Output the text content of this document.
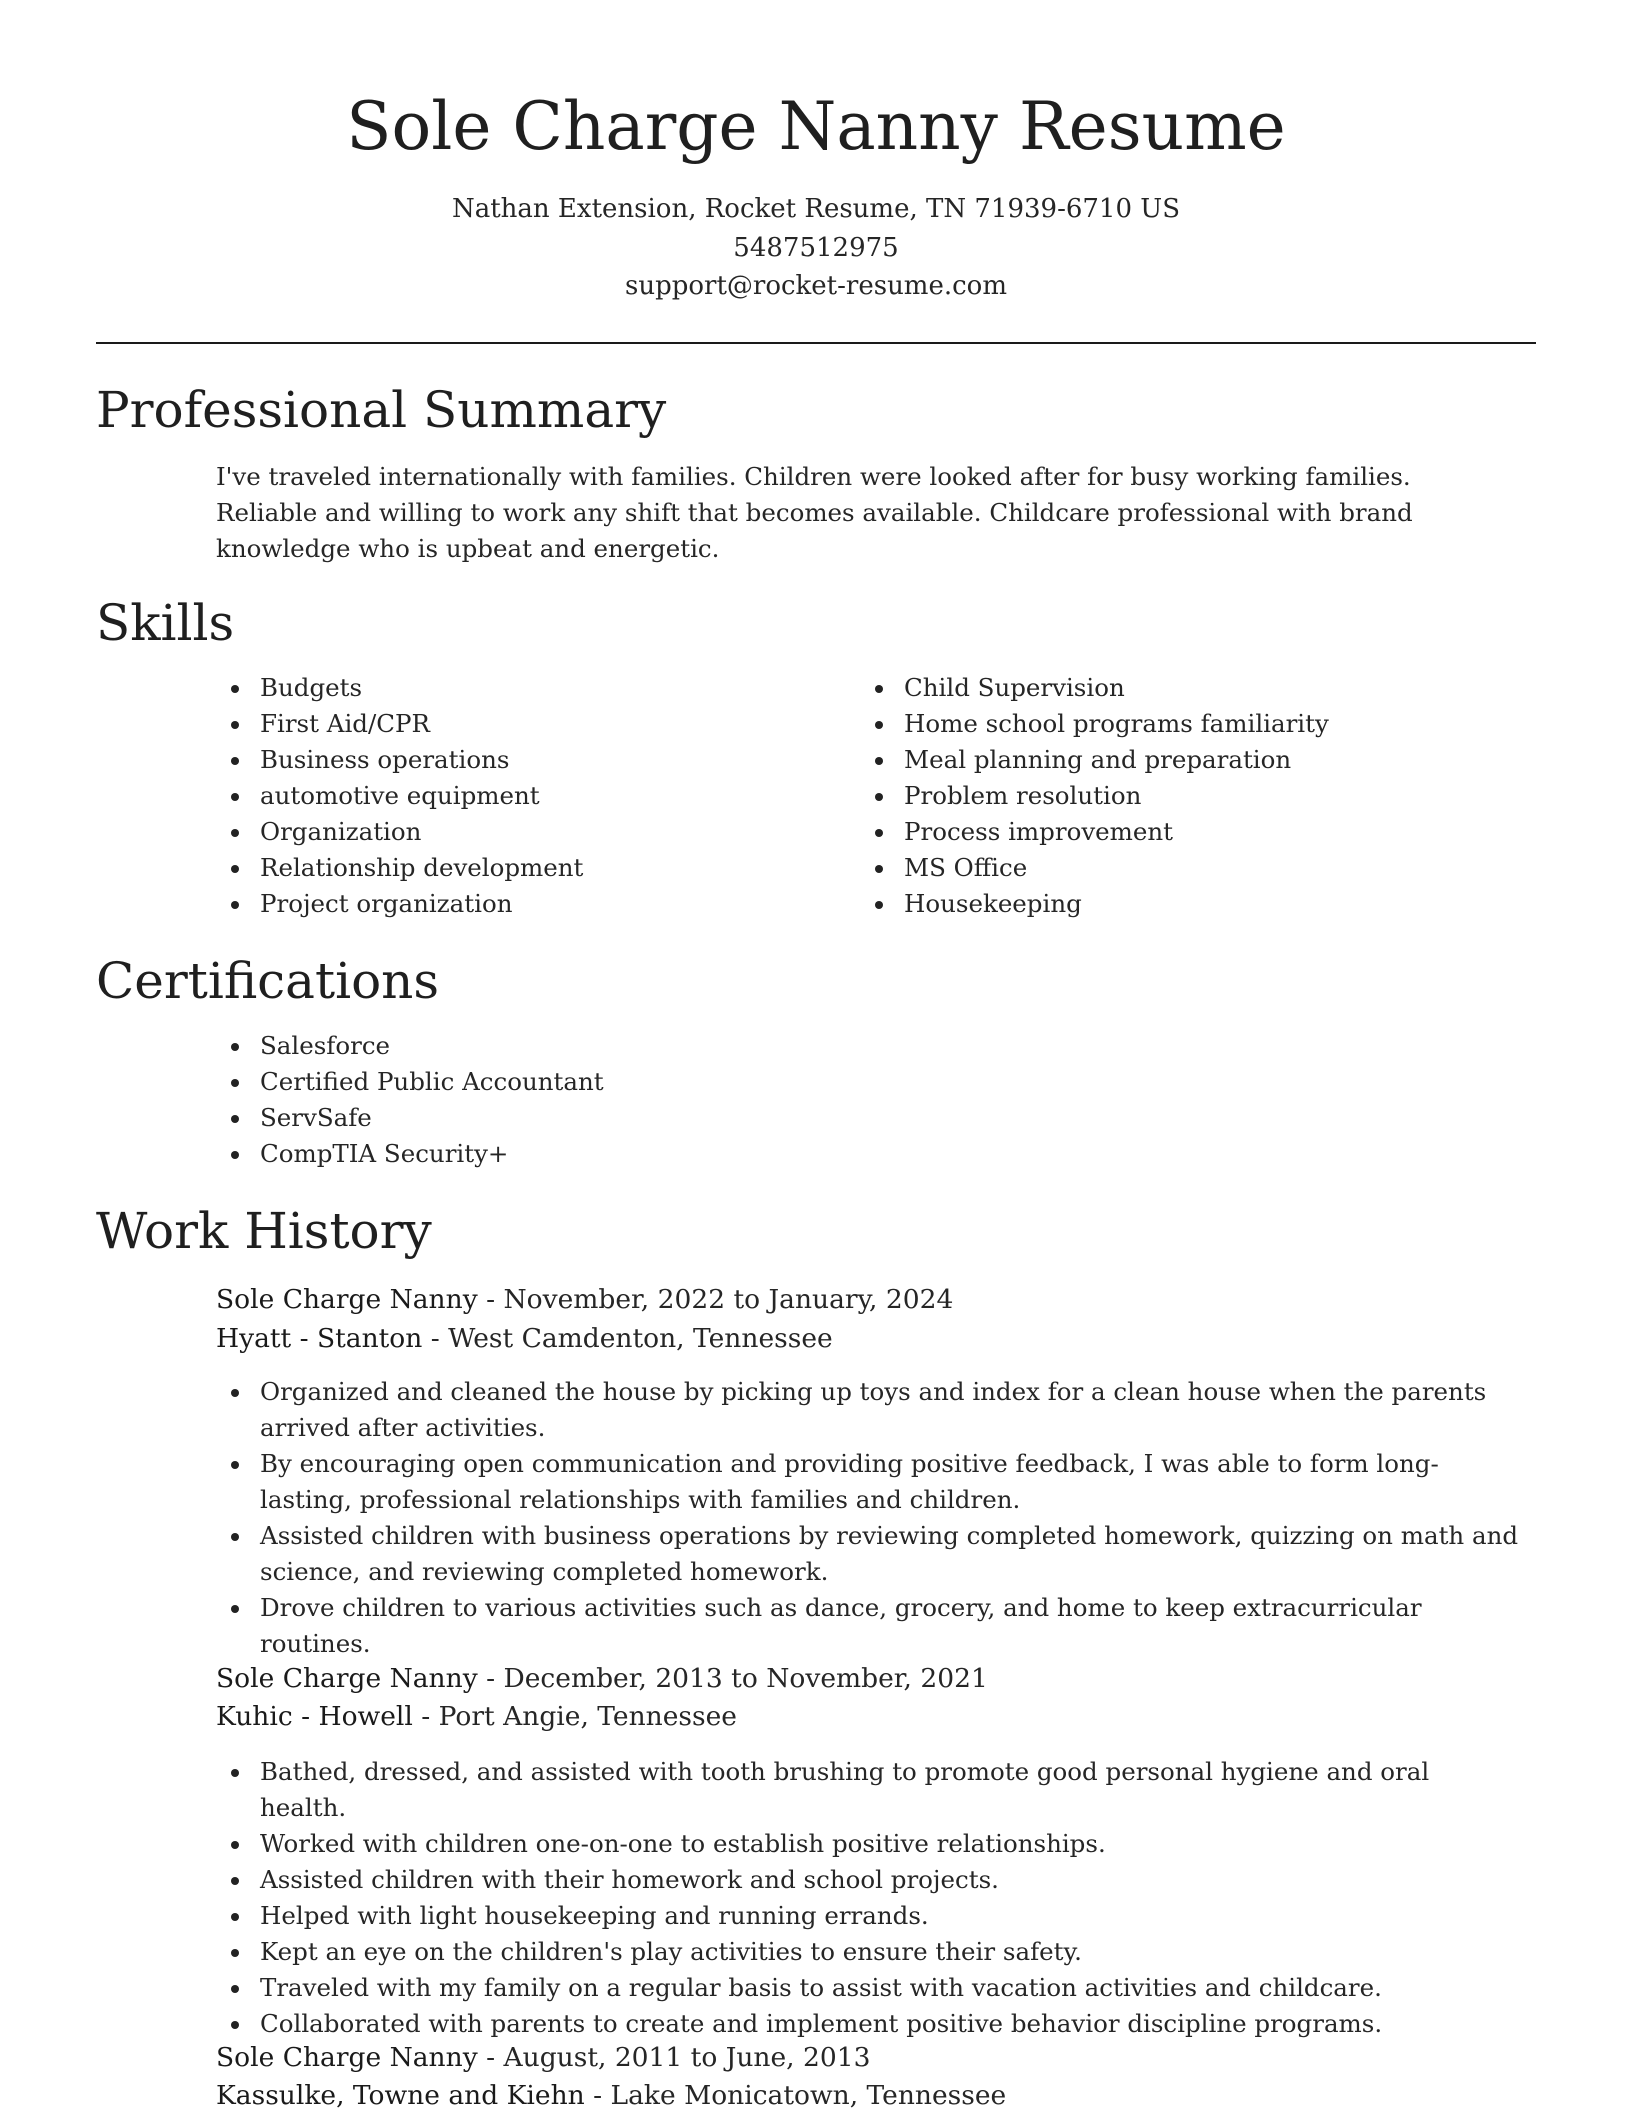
Sole Charge Nanny Resume
Nathan Extension, Rocket Resume, TN 71939-6710 US
5487512975
support@rocket-resume.com
Professional Summary

I've traveled internationally with families. Children were looked after for busy working families. Reliable and willing to work any shift that becomes available. Childcare professional with brand knowledge who is upbeat and energetic.

Skills
Budgets
First Aid/CPR
Business operations
automotive equipment
Organization
Relationship development
Project organization
Child Supervision
Home school programs familiarity
Meal planning and preparation
Problem resolution
Process improvement
MS Office
Housekeeping
Certifications
Salesforce
Certified Public Accountant
ServSafe
CompTIA Security+
Work History
Sole Charge Nanny - November, 2022 to January, 2024
Hyatt - Stanton - West Camdenton, Tennessee
Organized and cleaned the house by picking up toys and index for a clean house when the parents arrived after activities.
By encouraging open communication and providing positive feedback, I was able to form long-lasting, professional relationships with families and children.
Assisted children with business operations by reviewing completed homework, quizzing on math and science, and reviewing completed homework.
Drove children to various activities such as dance, grocery, and home to keep extracurricular routines.
Sole Charge Nanny - December, 2013 to November, 2021
Kuhic - Howell - Port Angie, Tennessee
Bathed, dressed, and assisted with tooth brushing to promote good personal hygiene and oral health.
Worked with children one-on-one to establish positive relationships.
Assisted children with their homework and school projects.
Helped with light housekeeping and running errands.
Kept an eye on the children's play activities to ensure their safety.
Traveled with my family on a regular basis to assist with vacation activities and childcare.
Collaborated with parents to create and implement positive behavior discipline programs.
Sole Charge Nanny - August, 2011 to June, 2013
Kassulke, Towne and Kiehn - Lake Monicatown, Tennessee
